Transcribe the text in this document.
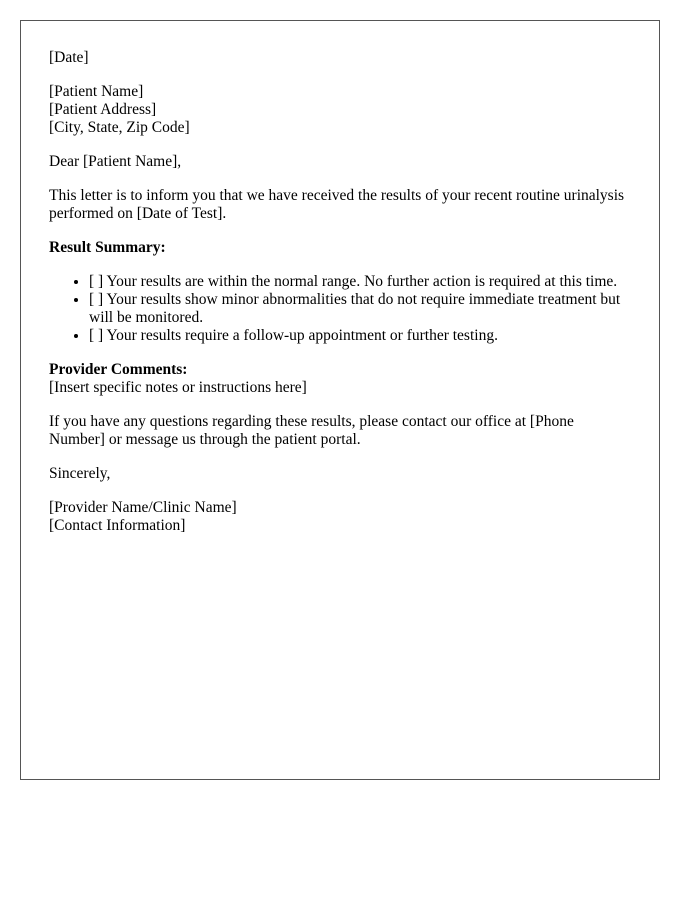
[Date]

[Patient Name]
[Patient Address]
[City, State, Zip Code]

Dear [Patient Name],

This letter is to inform you that we have received the results of your recent routine urinalysis performed on [Date of Test].

Result Summary:

• [ ] Your results are within the normal range. No further action is required at this time.
• [ ] Your results show minor abnormalities that do not require immediate treatment but will be monitored.
• [ ] Your results require a follow-up appointment or further testing.

Provider Comments:
[Insert specific notes or instructions here]

If you have any questions regarding these results, please contact our office at [Phone Number] or message us through the patient portal.

Sincerely,

[Provider Name/Clinic Name]
[Contact Information]
